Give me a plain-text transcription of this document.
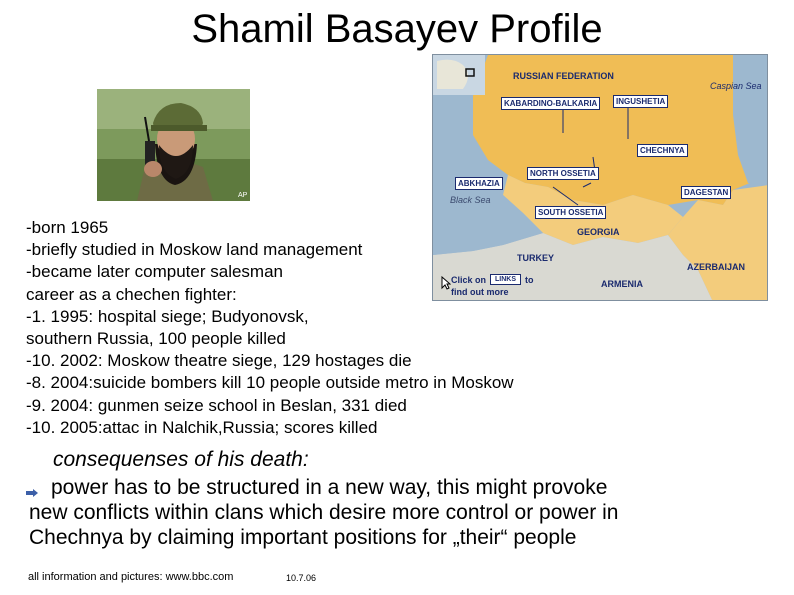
Shamil Basayev Profile
AP
RUSSIAN FEDERATION
KABARDINO-BALKARIA	INGUSHETIA
Caspian Sea
CHECHNYA
NORTH OSSETIA
ABKHAZIA
Black Sea
DAGESTAN
SOUTH OSSETIA
GEORGIA
TURKEY
AZERBAIJAN
ARMENIA
Click on	LINKS	to
find out more
-born 1965
-briefly studied in Moskow land management
-became later computer salesman
career as a chechen fighter:
-1. 1995: hospital siege; Budyonovsk,
southern Russia, 100 people killed
-10. 2002: Moskow theatre siege, 129 hostages die
-8. 2004:suicide bombers kill 10 people outside metro in Moskow
-9. 2004: gunmen seize school in Beslan, 331 died
-10. 2005:attac in Nalchik,Russia; scores killed
consequenses of his death:
power has to be structured in a new way, this might provoke
new conflicts within clans which desire more control or power in
Chechnya by claiming important positions for „their“ people
all information and pictures: www.bbc.com	10.7.06
